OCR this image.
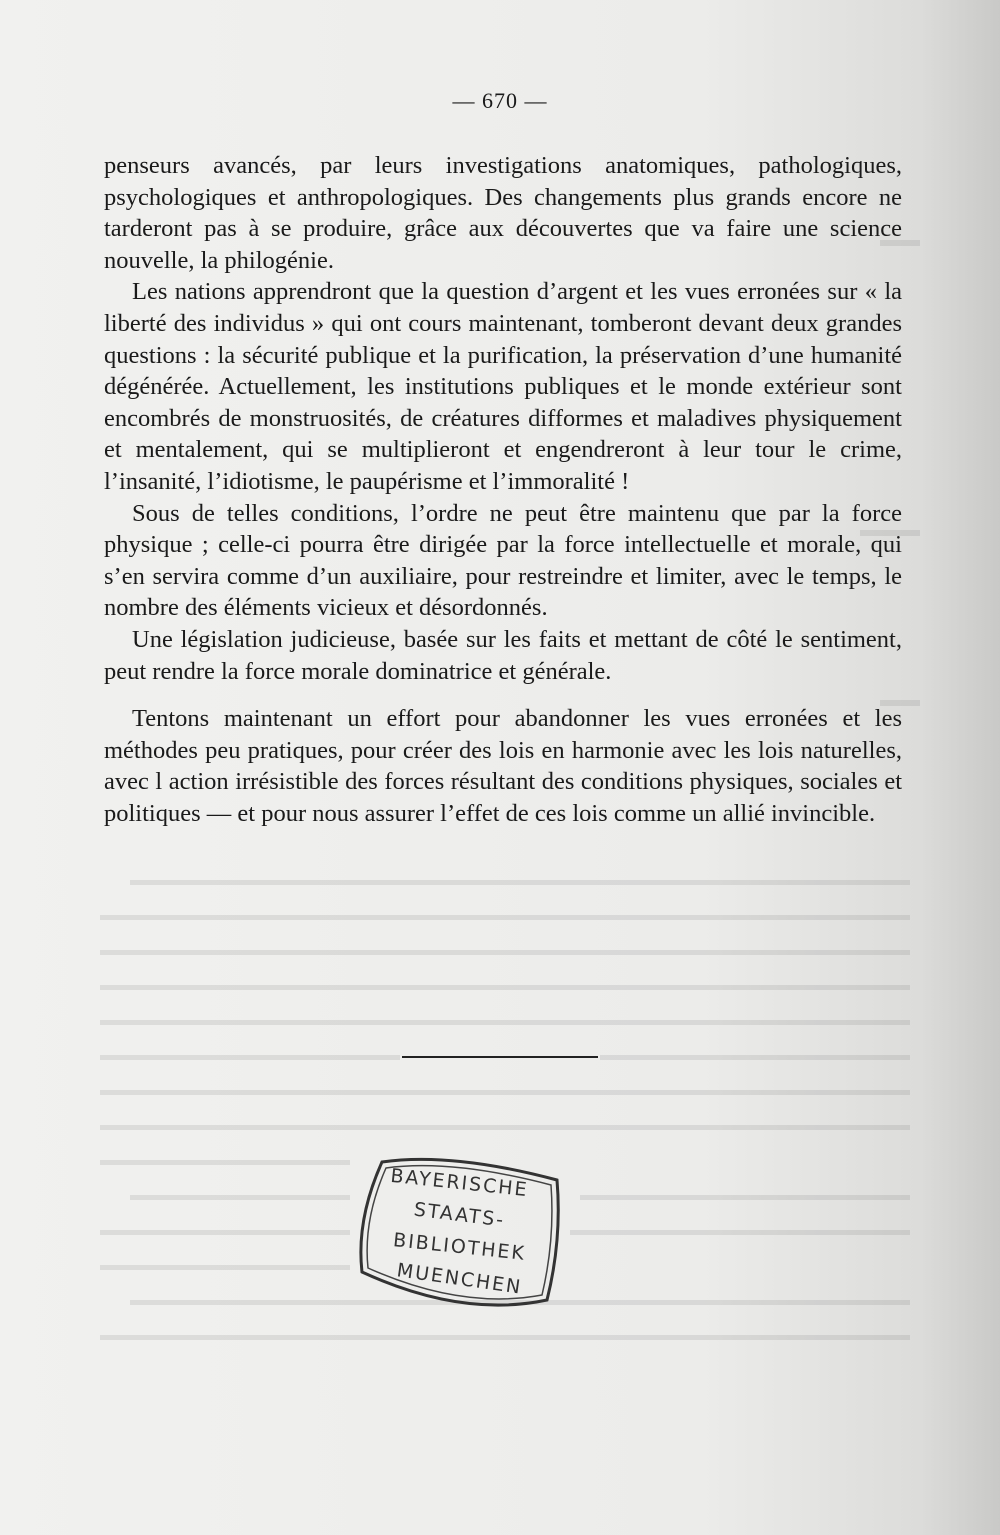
— 670 —

penseurs avancés, par leurs investigations anatomiques, pathologiques, psychologiques et anthropologiques. Des changements plus grands encore ne tarderont pas à se produire, grâce aux découvertes que va faire une science nouvelle, la philogénie.

Les nations apprendront que la question d’argent et les vues erronées sur « la liberté des individus » qui ont cours maintenant, tomberont devant deux grandes questions : la sécurité publique et la purification, la préservation d’une humanité dégénérée. Actuellement, les institutions publiques et le monde extérieur sont encombrés de monstruosités, de créatures difformes et maladives physiquement et mentalement, qui se multiplieront et engendreront à leur tour le crime, l’insanité, l’idiotisme, le paupérisme et l’immoralité !

Sous de telles conditions, l’ordre ne peut être maintenu que par la force physique ; celle-ci pourra être dirigée par la force intellectuelle et morale, qui s’en servira comme d’un auxiliaire, pour restreindre et limiter, avec le temps, le nombre des éléments vicieux et désordonnés.

Une législation judicieuse, basée sur les faits et mettant de côté le sentiment, peut rendre la force morale dominatrice et générale.

Tentons maintenant un effort pour abandonner les vues erronées et les méthodes peu pratiques, pour créer des lois en harmonie avec les lois naturelles, avec l action irrésistible des forces résultant des conditions physiques, sociales et politiques — et pour nous assurer l’effet de ces lois comme un allié invincible.

BAYERISCHE
STAATS-
BIBLIOTHEK
MUENCHEN
